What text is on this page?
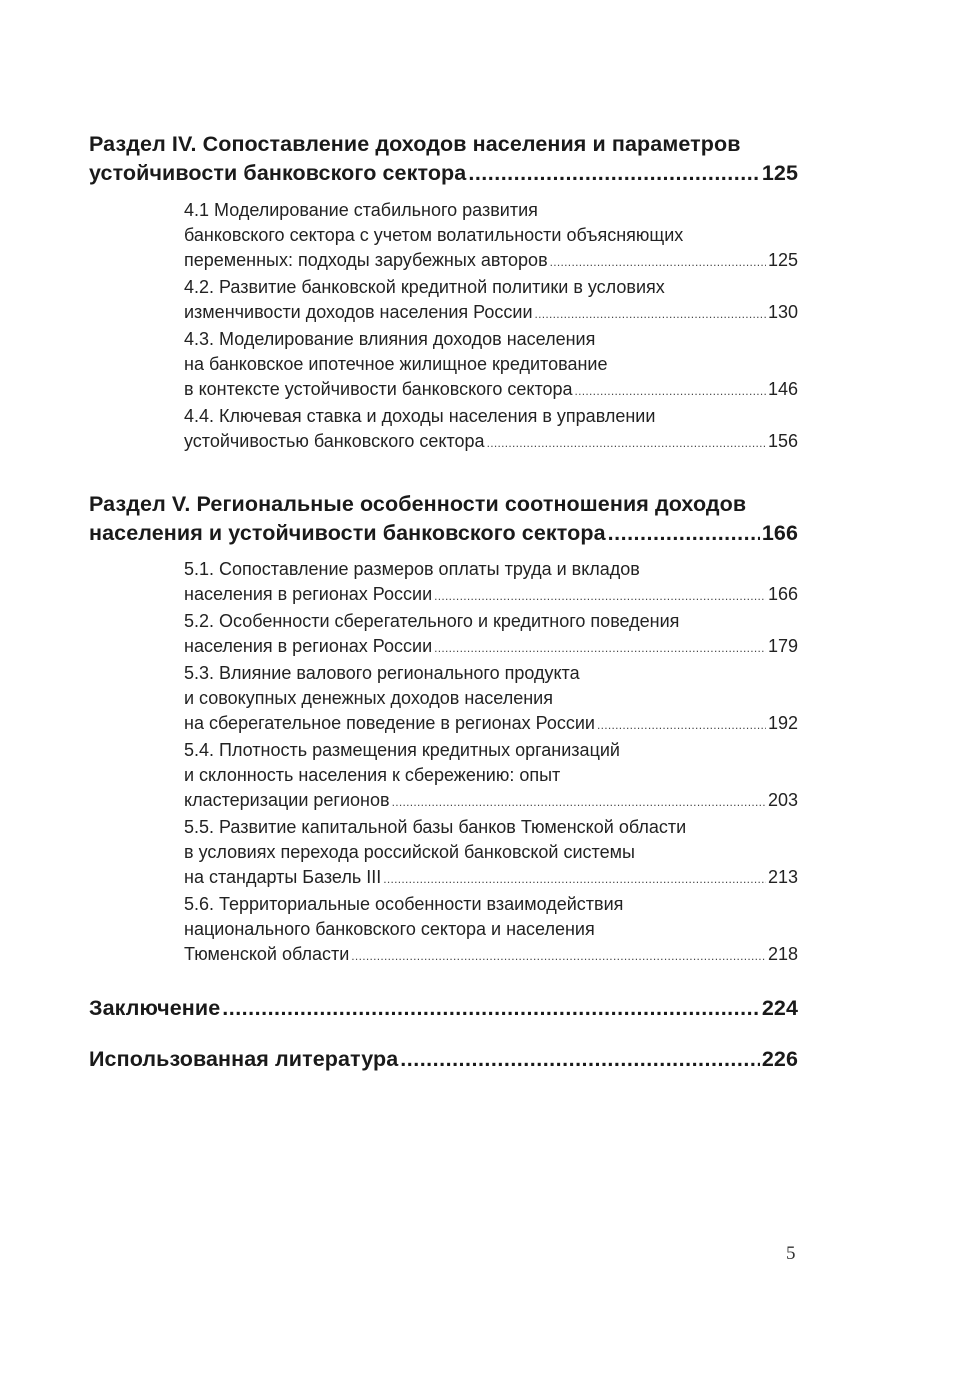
Раздел IV. Сопоставление доходов населения и параметров
устойчивости банковского сектора .....	125
4.1 Моделирование стабильного развития
банковского сектора с учетом волатильности объясняющих
переменных: подходы зарубежных авторов .....	125
4.2. Развитие банковской кредитной политики в условиях
изменчивости доходов населения России .....	130
4.3. Моделирование влияния доходов населения
на банковское ипотечное жилищное кредитование
в контексте устойчивости банковского сектора .....	146
4.4. Ключевая ставка и доходы населения в управлении
устойчивостью банковского сектора .....	156
Раздел V. Региональные особенности соотношения доходов
населения и устойчивости банковского сектора .....	166
5.1. Сопоставление размеров оплаты труда и вкладов
населения в регионах России .....	166
5.2. Особенности сберегательного и кредитного поведения
населения в регионах России .....	179
5.3. Влияние валового регионального продукта
и совокупных денежных доходов населения
на сберегательное поведение в регионах России .....	192
5.4. Плотность размещения кредитных организаций
и склонность населения к сбережению: опыт
кластеризации регионов .....	203
5.5. Развитие капитальной базы банков Тюменской области
в условиях перехода российской банковской системы
на стандарты Базель III .....	213
5.6. Территориальные особенности взаимодействия
национального банковского сектора и населения
Тюменской области .....	218
Заключение .....	224
Использованная литература .....	226
5
